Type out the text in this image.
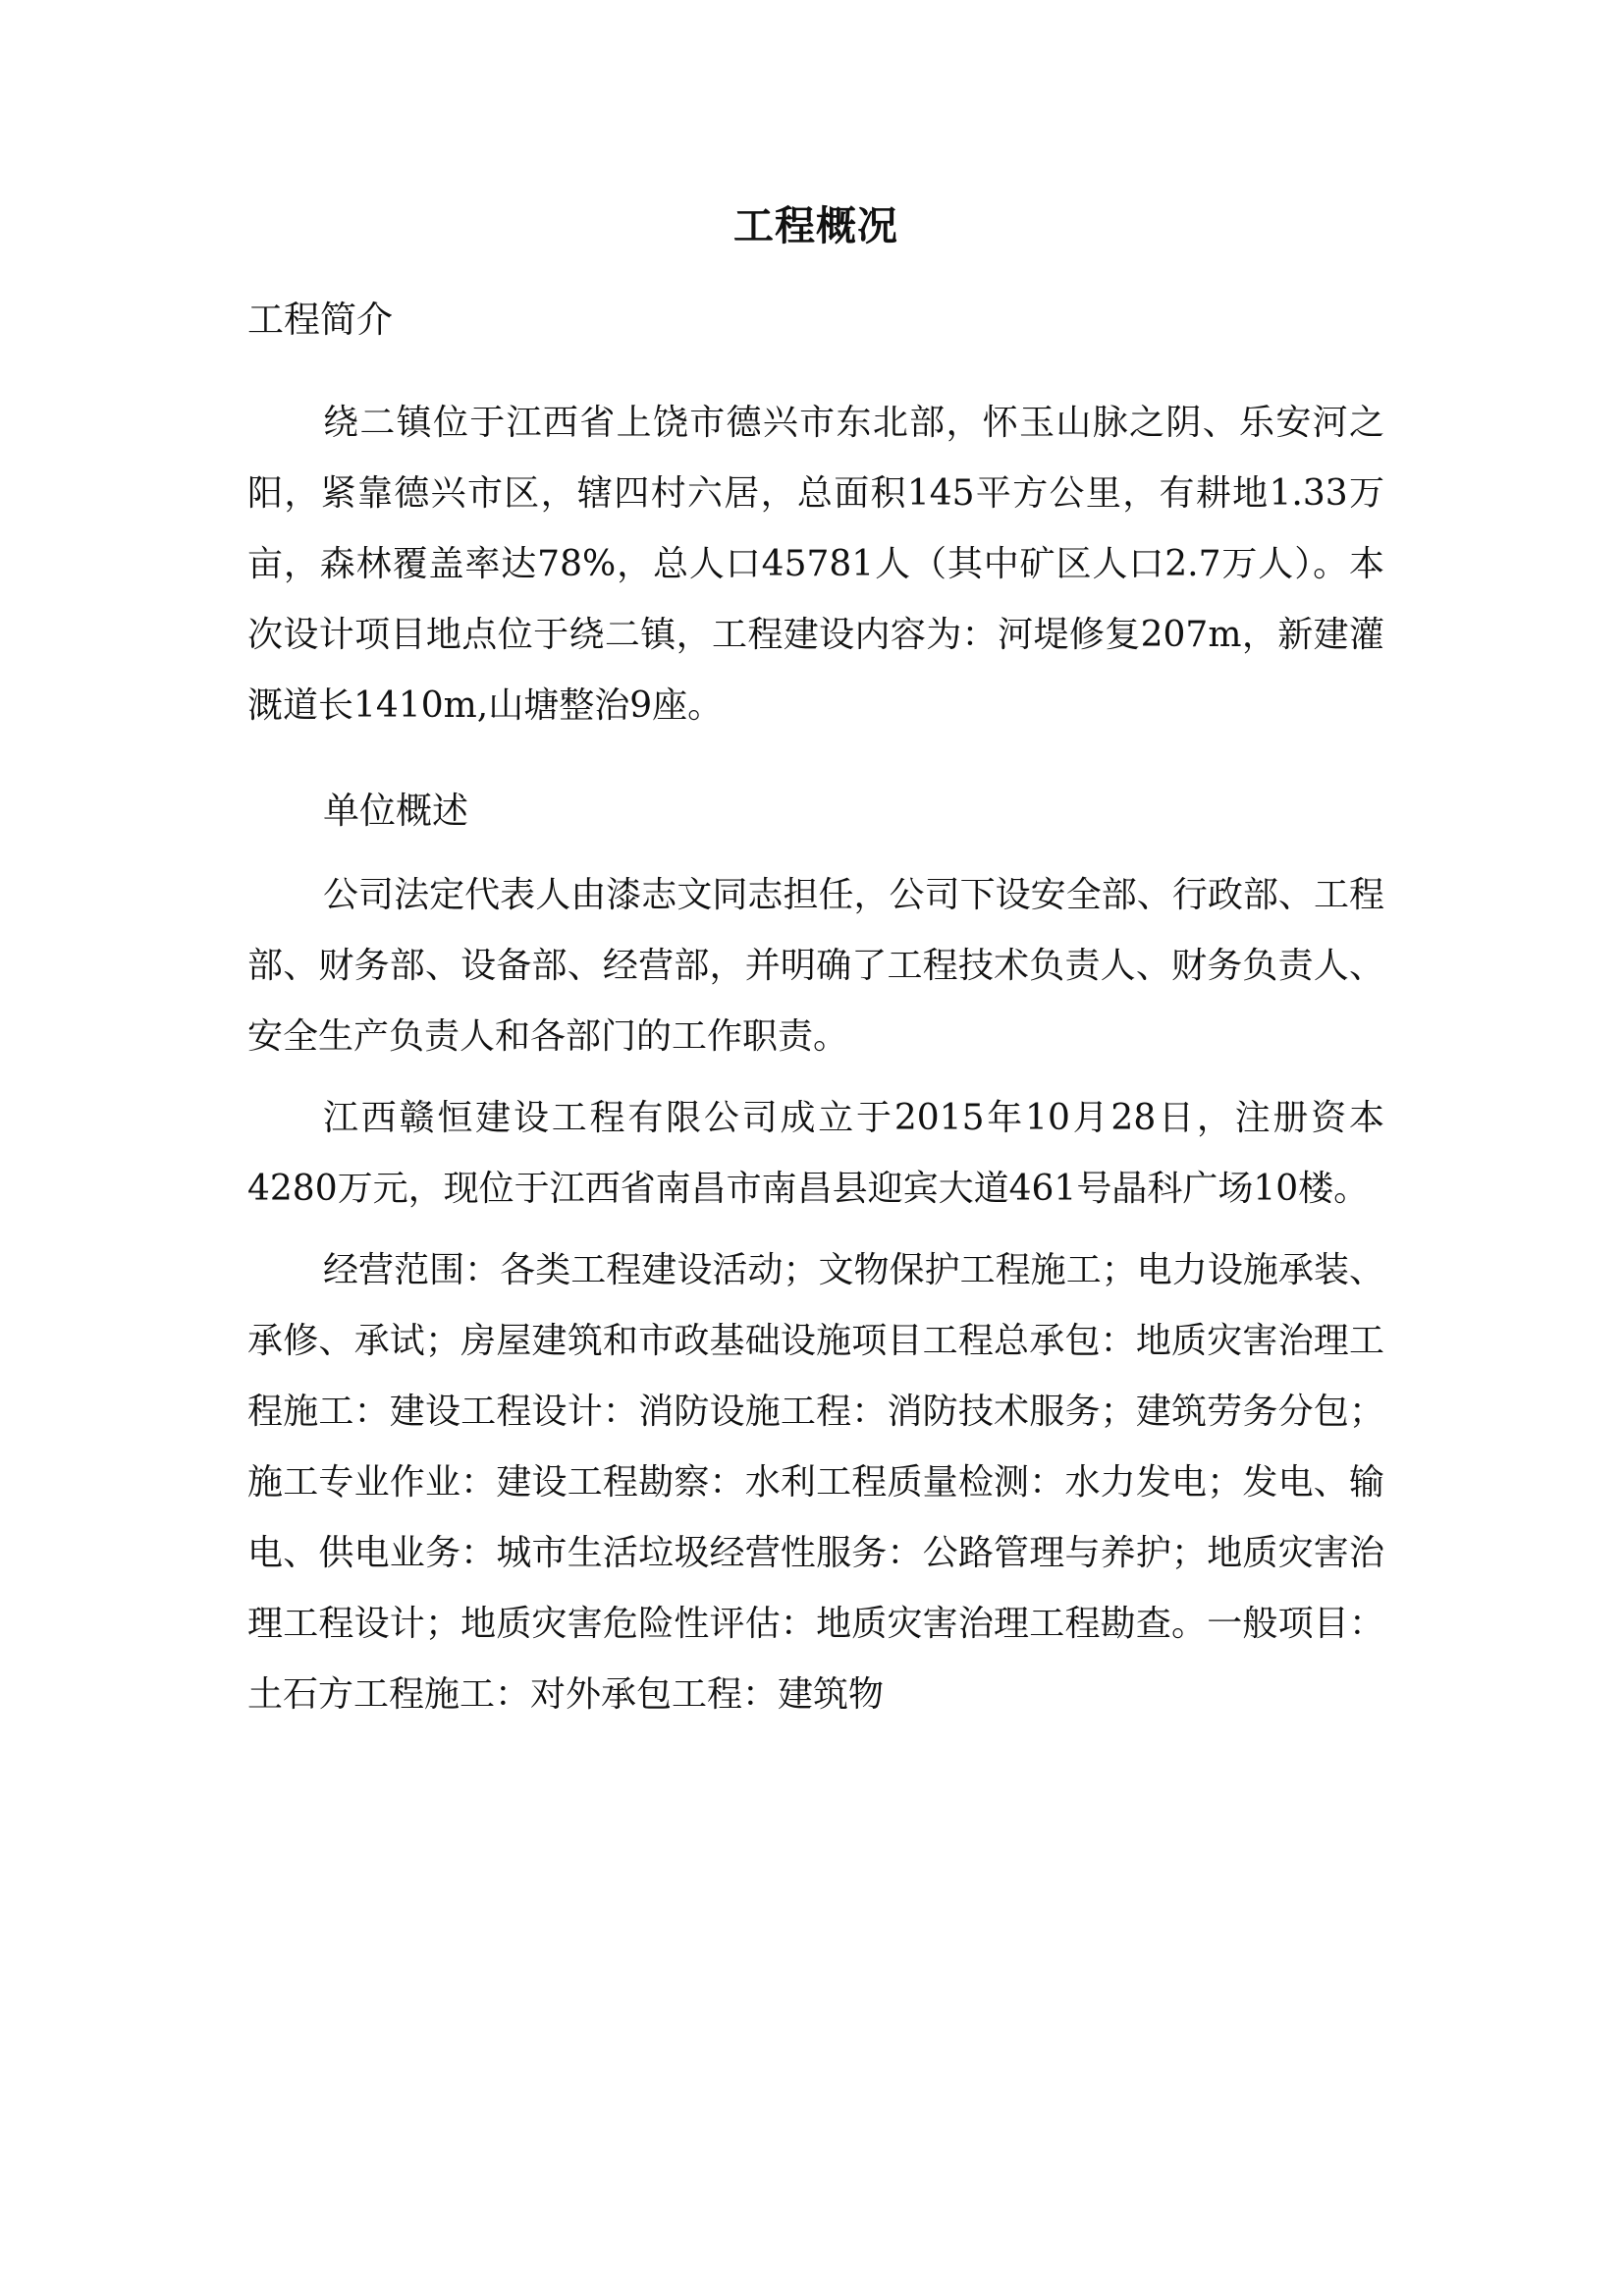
工程概况
工程简介

绕二镇位于江西省上饶市德兴市东北部，怀玉山脉之阴、乐安河之阳，紧靠德兴市区，辖四村六居，总面积145平方公里，有耕地1.33万亩，森林覆盖率达78%，总人口45781人（其中矿区人口2.7万人）。本次设计项目地点位于绕二镇，工程建设内容为：河堤修复207m，新建灌溉道长1410m,山塘整治9座。

单位概述

公司法定代表人由漆志文同志担任，公司下设安全部、行政部、工程部、财务部、设备部、经营部，并明确了工程技术负责人、财务负责人、安全生产负责人和各部门的工作职责。

江西赣恒建设工程有限公司成立于2015年10月28日，注册资本4280万元，现位于江西省南昌市南昌县迎宾大道461号晶科广场10楼。

经营范围：各类工程建设活动；文物保护工程施工；电力设施承装、承修、承试；房屋建筑和市政基础设施项目工程总承包：地质灾害治理工程施工：建设工程设计：消防设施工程：消防技术服务；建筑劳务分包；施工专业作业：建设工程勘察：水利工程质量检测：水力发电；发电、输电、供电业务：城市生活垃圾经营性服务：公路管理与养护；地质灾害治理工程设计；地质灾害危险性评估：地质灾害治理工程勘查。一般项目：土石方工程施工：对外承包工程：建筑物
